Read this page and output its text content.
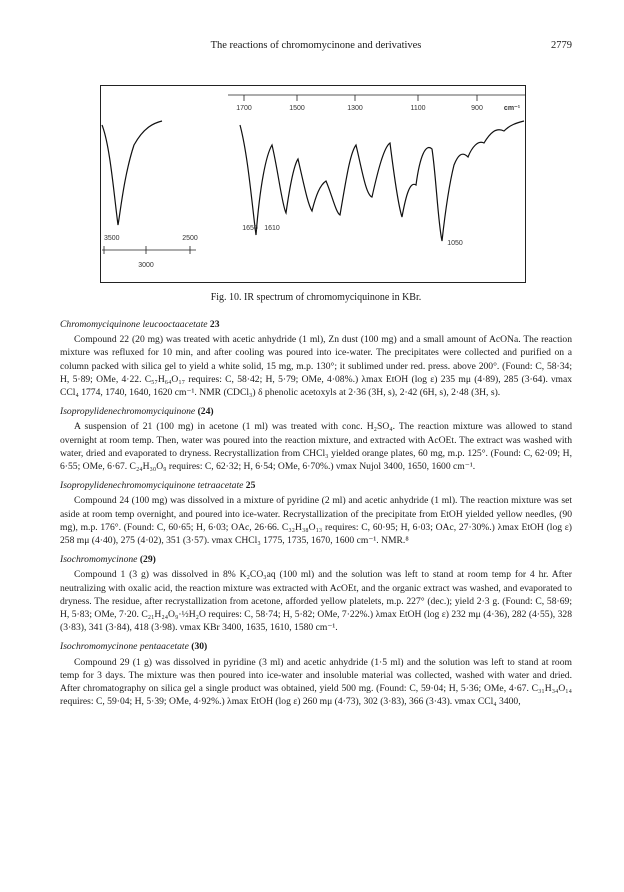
The reactions of chromomycinone and derivatives	2779
1700	1500	1300	1100	900	cm⁻¹
1650 1610
1050
3500	2500
3000
Fig. 10. IR spectrum of chromomyciquinone in KBr.

Chromomyciquinone leucooctaacetate 23

Compound 22 (20 mg) was treated with acetic anhydride (1 ml), Zn dust (100 mg) and a small amount of AcONa. The reaction mixture was refluxed for 10 min, and after cooling was poured into ice-water. The precipitates were collected and purified on a column packed with silica gel to yield a white solid, 15 mg, m.p. 130°; it sublimed under red. press. above 200°. (Found: C, 58·34; H, 5·89; OMe, 4·22. C₅₇H₆₄O₁₇ requires: C, 58·42; H, 5·79; OMe, 4·08%.) λmax EtOH (log ε) 235 mμ (4·89), 285 (3·64). νmax CCl₄ 1774, 1740, 1640, 1620 cm⁻¹. NMR (CDCl₃) δ phenolic acetoxyls at 2·36 (3H, s), 2·42 (6H, s), 2·48 (3H, s).

Isopropylidenechromomyciquinone (24)

A suspension of 21 (100 mg) in acetone (1 ml) was treated with conc. H₂SO₄. The reaction mixture was allowed to stand overnight at room temp. Then, water was poured into the reaction mixture, and extracted with AcOEt. The extract was washed with water, dried and evaporated to dryness. Recrystallization from CHCl₃ yielded orange plates, 60 mg, m.p. 125°. (Found: C, 62·09; H, 6·55; OMe, 6·67. C₂₄H₃₀O₉ requires: C, 62·32; H, 6·54; OMe, 6·70%.) νmax Nujol 3400, 1650, 1600 cm⁻¹.

Isopropylidenechromomyciquinone tetraacetate 25

Compound 24 (100 mg) was dissolved in a mixture of pyridine (2 ml) and acetic anhydride (1 ml). The reaction mixture was set aside at room temp overnight, and poured into ice-water. Recrystallization of the precipitate from EtOH yielded yellow needles, (90 mg), m.p. 176°. (Found: C, 60·65; H, 6·03; OAc, 26·66. C₃₂H₃₈O₁₃ requires: C, 60·95; H, 6·03; OAc, 27·30%.) λmax EtOH (log ε) 258 mμ (4·40), 275 (4·02), 351 (3·57). νmax CHCl₃ 1775, 1735, 1670, 1600 cm⁻¹. NMR.⁸

Isochromomycinone (29)

Compound 1 (3 g) was dissolved in 8% K₂CO₃aq (100 ml) and the solution was left to stand at room temp for 4 hr. After neutralizing with oxalic acid, the reaction mixture was extracted with AcOEt, and the organic extract was washed, and evaporated to dryness. The residue, after recrystallization from acetone, afforded yellow platelets, m.p. 227° (dec.); yield 2·3 g. (Found: C, 58·69; H, 5·83; OMe, 7·20. C₂₁H₂₄O₉·½H₂O requires: C, 58·74; H, 5·82; OMe, 7·22%.) λmax EtOH (log ε) 232 mμ (4·36), 282 (4·55), 328 (3·83), 341 (3·84), 418 (3·98). νmax KBr 3400, 1635, 1610, 1580 cm⁻¹.

Isochromomycinone pentaacetate (30)

Compound 29 (1 g) was dissolved in pyridine (3 ml) and acetic anhydride (1·5 ml) and the solution was left to stand at room temp for 3 days. The mixture was then poured into ice-water and insoluble material was collected, washed with water and dried. After chromatography on silica gel a single product was obtained, yield 500 mg. (Found: C, 59·04; H, 5·36; OMe, 4·67. C₃₁H₃₄O₁₄ requires: C, 59·04; H, 5·39; OMe, 4·92%.) λmax EtOH (log ε) 260 mμ (4·73), 302 (3·83), 366 (3·43). νmax CCl₄ 3400,
